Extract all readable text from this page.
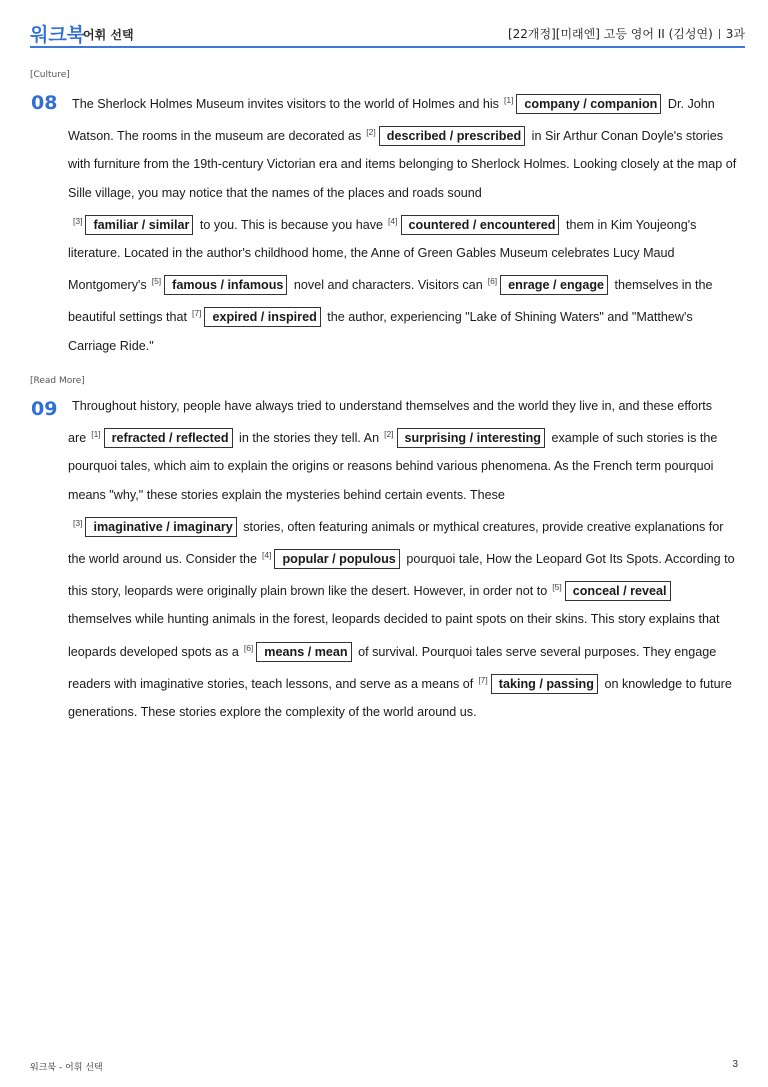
워크북
어휘 선택	[22개정][미래엔] 고등 영어 II (김성연) 3과
[Culture]
08	The Sherlock Holmes Museum invites visitors to the world of Holmes and his [1] company / companion Dr. John Watson. The rooms in the museum are decorated as [2] described / prescribed in Sir Arthur Conan Doyle's stories with furniture from the 19th-century Victorian era and items belonging to Sherlock Holmes. Looking closely at the map of Sille village, you may notice that the names of the places and roads sound
[3] familiar / similar to you. This is because you have [4] countered / encountered them in Kim Youjeong's literature. Located in the author's childhood home, the Anne of Green Gables Museum celebrates Lucy Maud Montgomery's [5] famous / infamous novel and characters. Visitors can [6] enrage / engage themselves in the beautiful settings that [7] expired / inspired the author, experiencing "Lake of Shining Waters" and "Matthew's Carriage Ride."
[Read More]
09	Throughout history, people have always tried to understand themselves and the world they live in, and these efforts are [1] refracted / reflected in the stories they tell. An [2] surprising / interesting example of such stories is the pourquoi tales, which aim to explain the origins or reasons behind various phenomena. As the French term pourquoi means "why," these stories explain the mysteries behind certain events. These
[3] imaginative / imaginary stories, often featuring animals or mythical creatures, provide creative explanations for the world around us. Consider the [4] popular / populous pourquoi tale, How the Leopard Got Its Spots. According to this story, leopards were originally plain brown like the desert. However, in order not to [5] conceal / reveal themselves while hunting animals in the forest, leopards decided to paint spots on their skins. This story explains that leopards developed spots as a [6] means / mean of survival. Pourquoi tales serve several purposes. They engage readers with imaginative stories, teach lessons, and serve as a means of [7] taking / passing on knowledge to future generations. These stories explore the complexity of the world around us.
워크북 - 어휘 선택	3
